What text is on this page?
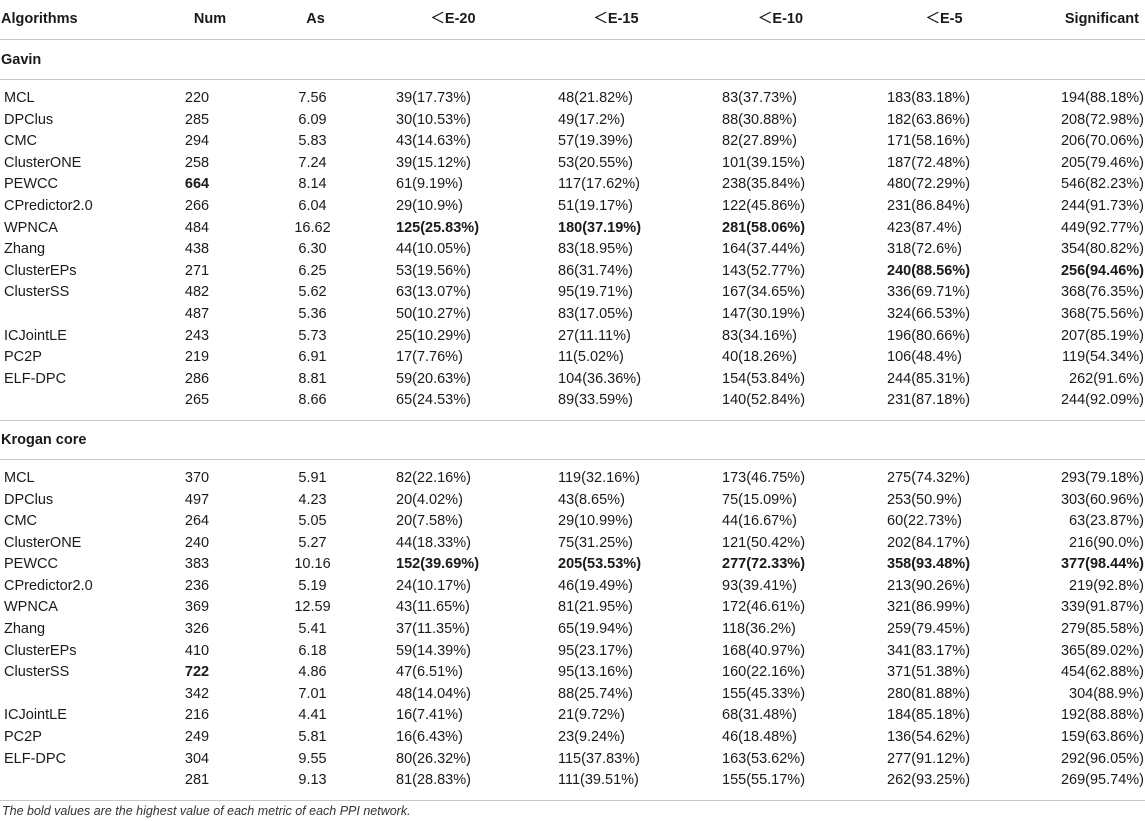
Algorithms	Num	As	＜E-20	＜E-15	＜E-10	＜E-5	Significant
Gavin							

MCL	220	7.56	39(17.73%)	48(21.82%)	83(37.73%)	183(83.18%)	194(88.18%)
DPClus	285	6.09	30(10.53%)	49(17.2%)	88(30.88%)	182(63.86%)	208(72.98%)
CMC	294	5.83	43(14.63%)	57(19.39%)	82(27.89%)	171(58.16%)	206(70.06%)
ClusterONE	258	7.24	39(15.12%)	53(20.55%)	101(39.15%)	187(72.48%)	205(79.46%)
PEWCC	664	8.14	61(9.19%)	117(17.62%)	238(35.84%)	480(72.29%)	546(82.23%)
CPredictor2.0	266	6.04	29(10.9%)	51(19.17%)	122(45.86%)	231(86.84%)	244(91.73%)
WPNCA	484	16.62	125(25.83%)	180(37.19%)	281(58.06%)	423(87.4%)	449(92.77%)
Zhang	438	6.30	44(10.05%)	83(18.95%)	164(37.44%)	318(72.6%)	354(80.82%)
ClusterEPs	271	6.25	53(19.56%)	86(31.74%)	143(52.77%)	240(88.56%)	256(94.46%)
ClusterSS	482	5.62	63(13.07%)	95(19.71%)	167(34.65%)	336(69.71%)	368(76.35%)
	487	5.36	50(10.27%)	83(17.05%)	147(30.19%)	324(66.53%)	368(75.56%)
ICJointLE	243	5.73	25(10.29%)	27(11.11%)	83(34.16%)	196(80.66%)	207(85.19%)
PC2P	219	6.91	17(7.76%)	11(5.02%)	40(18.26%)	106(48.4%)	119(54.34%)
ELF-DPC	286	8.81	59(20.63%)	104(36.36%)	154(53.84%)	244(85.31%)	262(91.6%)
	265	8.66	65(24.53%)	89(33.59%)	140(52.84%)	231(87.18%)	244(92.09%)

Krogan core							

MCL	370	5.91	82(22.16%)	119(32.16%)	173(46.75%)	275(74.32%)	293(79.18%)
DPClus	497	4.23	20(4.02%)	43(8.65%)	75(15.09%)	253(50.9%)	303(60.96%)
CMC	264	5.05	20(7.58%)	29(10.99%)	44(16.67%)	60(22.73%)	63(23.87%)
ClusterONE	240	5.27	44(18.33%)	75(31.25%)	121(50.42%)	202(84.17%)	216(90.0%)
PEWCC	383	10.16	152(39.69%)	205(53.53%)	277(72.33%)	358(93.48%)	377(98.44%)
CPredictor2.0	236	5.19	24(10.17%)	46(19.49%)	93(39.41%)	213(90.26%)	219(92.8%)
WPNCA	369	12.59	43(11.65%)	81(21.95%)	172(46.61%)	321(86.99%)	339(91.87%)
Zhang	326	5.41	37(11.35%)	65(19.94%)	118(36.2%)	259(79.45%)	279(85.58%)
ClusterEPs	410	6.18	59(14.39%)	95(23.17%)	168(40.97%)	341(83.17%)	365(89.02%)
ClusterSS	722	4.86	47(6.51%)	95(13.16%)	160(22.16%)	371(51.38%)	454(62.88%)
	342	7.01	48(14.04%)	88(25.74%)	155(45.33%)	280(81.88%)	304(88.9%)
ICJointLE	216	4.41	16(7.41%)	21(9.72%)	68(31.48%)	184(85.18%)	192(88.88%)
PC2P	249	5.81	16(6.43%)	23(9.24%)	46(18.48%)	136(54.62%)	159(63.86%)
ELF-DPC	304	9.55	80(26.32%)	115(37.83%)	163(53.62%)	277(91.12%)	292(96.05%)
	281	9.13	81(28.83%)	111(39.51%)	155(55.17%)	262(93.25%)	269(95.74%)

The bold values are the highest value of each metric of each PPI network.
